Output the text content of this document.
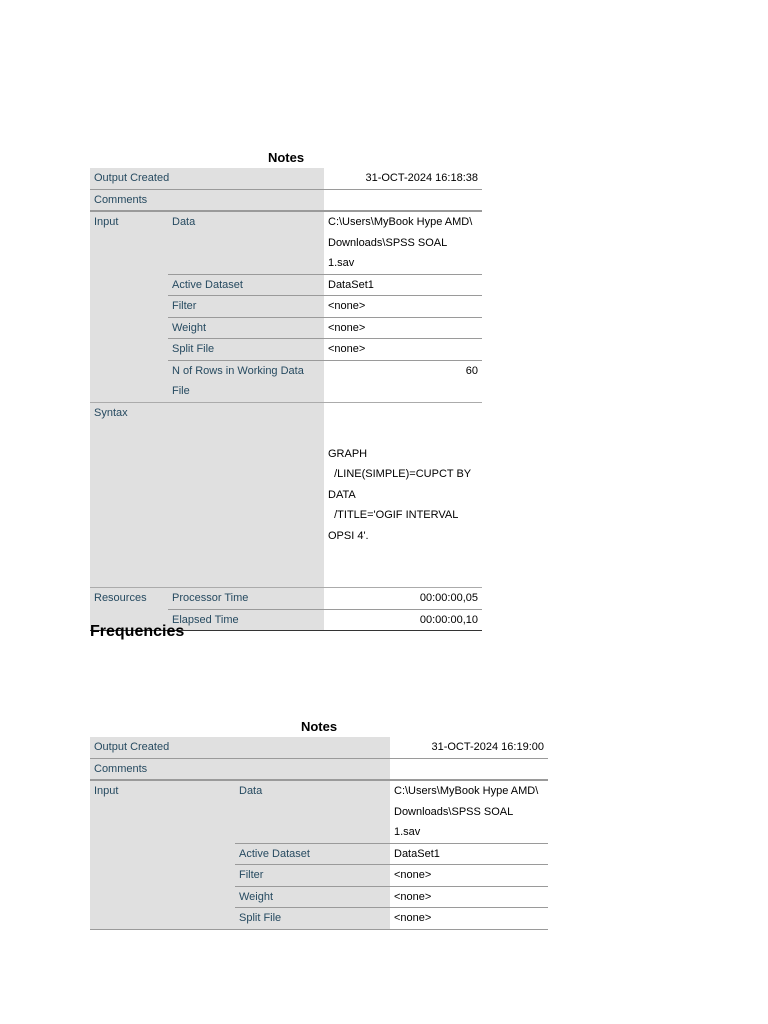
Notes
Output Created		31-OCT-2024 16:18:38
Comments		
Input	Data	C:\Users\MyBook Hype AMD\
Downloads\SPSS SOAL
1.sav

	Active Dataset	DataSet1
	Filter	<none>
	Weight	<none>
	Split File	<none>

	N of Rows in Working Data
File	60
Syntax		GRAPH
/LINE(SIMPLE)=CUPCT BY
DATA
/TITLE='OGIF INTERVAL
OPSI 4'.

Resources	Processor Time	00:00:00,05
	Elapsed Time	00:00:00,10
Frequencies
Notes
Output Created		31-OCT-2024 16:19:00
Comments		
Input	Data	C:\Users\MyBook Hype AMD\
Downloads\SPSS SOAL
1.sav

	Active Dataset	DataSet1
	Filter	<none>
	Weight	<none>
	Split File	<none>
